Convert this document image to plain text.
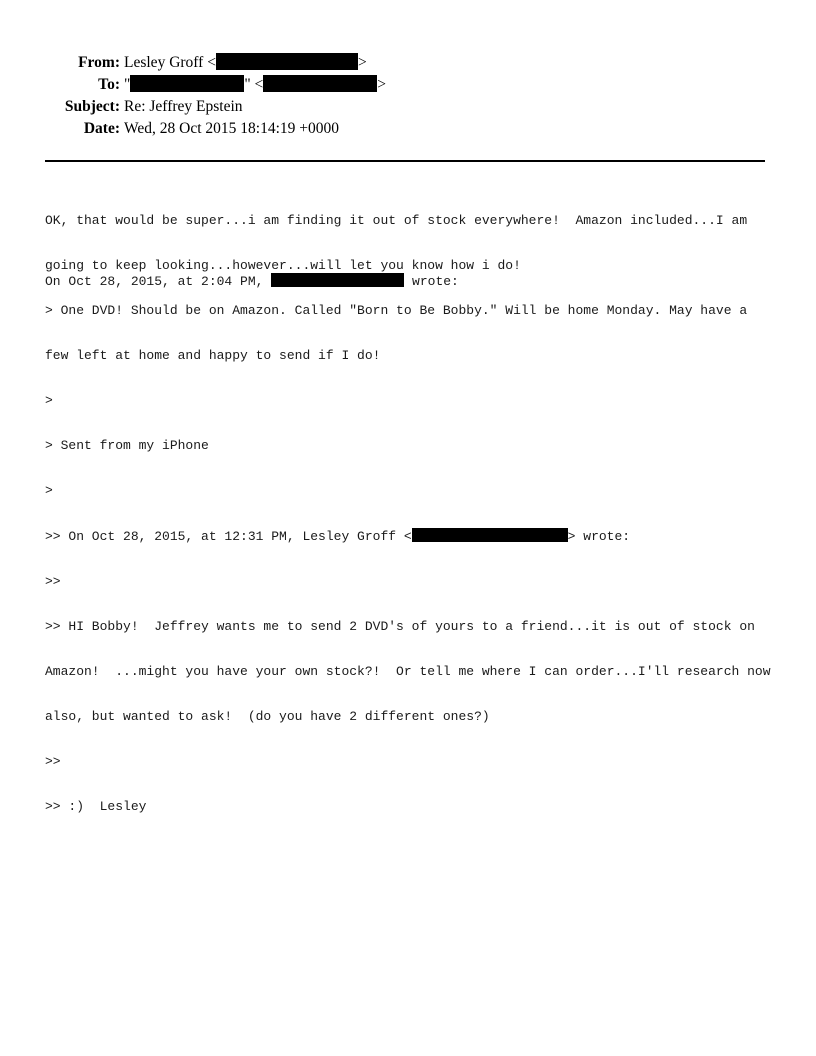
From: Lesley Groff <	>
To: "	" <	>
Subject: Re: Jeffrey Epstein
Date: Wed, 28 Oct 2015 18:14:19 +0000

OK, that would be super...i am finding it out of stock everywhere!  Amazon included...I am

going to keep looking...however...will let you know how i do!

On Oct 28, 2015, at 2:04 PM,	wrote:

> One DVD! Should be on Amazon. Called "Born to Be Bobby." Will be home Monday. May have a

few left at home and happy to send if I do!

>

> Sent from my iPhone

>

>> On Oct 28, 2015, at 12:31 PM, Lesley Groff <	> wrote:

>>

>> HI Bobby!  Jeffrey wants me to send 2 DVD's of yours to a friend...it is out of stock on

Amazon!  ...might you have your own stock?!  Or tell me where I can order...I'll research now

also, but wanted to ask!  (do you have 2 different ones?)

>>

>> :)  Lesley
